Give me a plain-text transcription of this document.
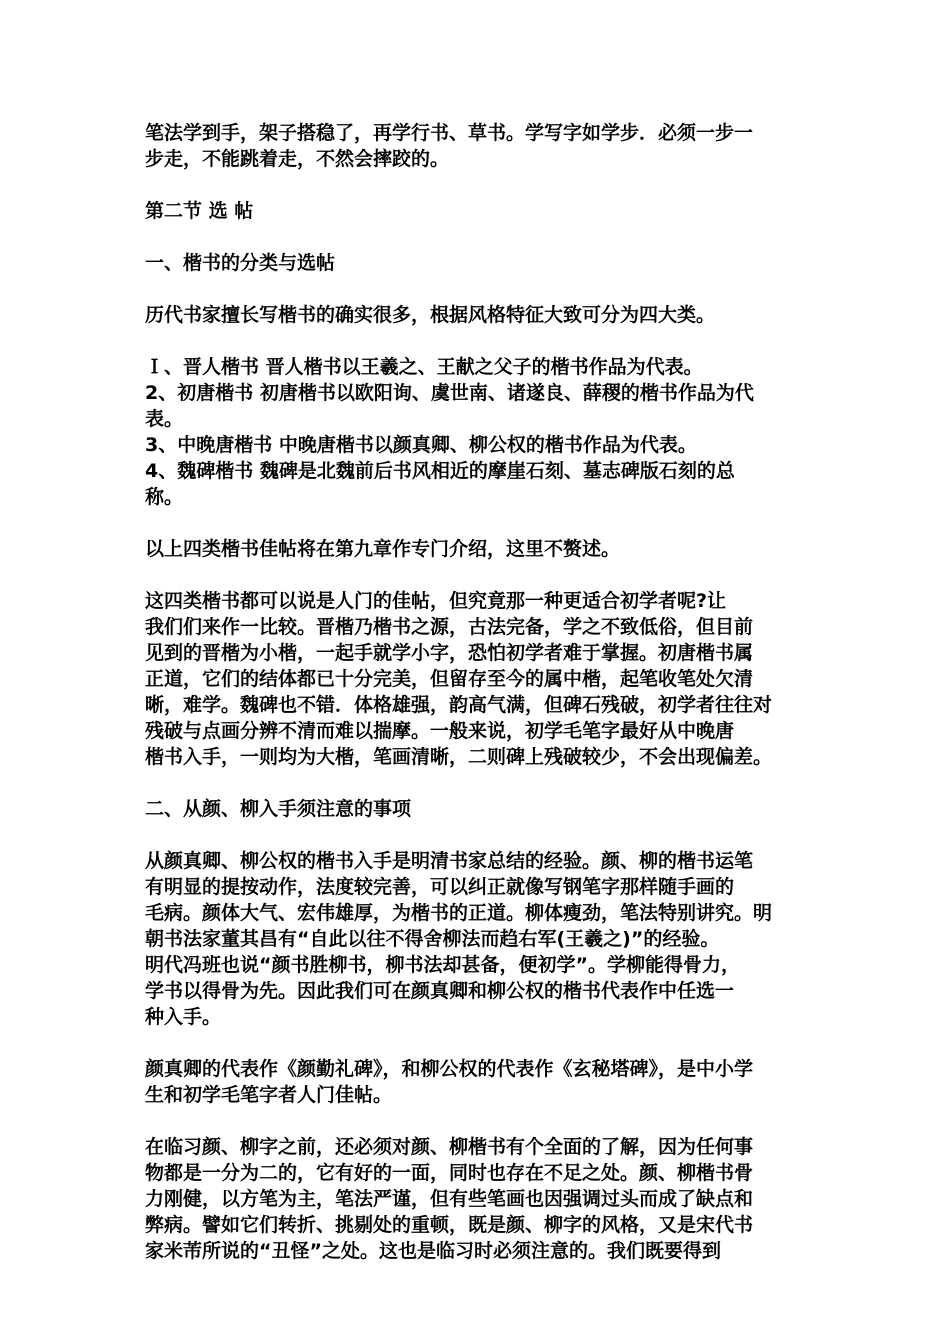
笔法学到手，架子搭稳了，再学行书、草书。学写字如学步．必须一步一
步走，不能跳着走，不然会摔跤的。
第二节 选 帖
一、楷书的分类与选帖
历代书家擅长写楷书的确实很多，根据风格特征大致可分为四大类。
Ｉ、晋人楷书 晋人楷书以王羲之、王献之父子的楷书作品为代表。
2、初唐楷书 初唐楷书以欧阳询、虞世南、诸遂良、薛稷的楷书作品为代
表。
3、中晚唐楷书 中晚唐楷书以颜真卿、柳公权的楷书作品为代表。
4、魏碑楷书 魏碑是北魏前后书风相近的摩崖石刻、墓志碑版石刻的总
称。
以上四类楷书佳帖将在第九章作专门介绍，这里不赘述。
这四类楷书都可以说是人门的佳帖，但究竟那一种更适合初学者呢?让
我们们来作一比较。晋楷乃楷书之源，古法完备，学之不致低俗，但目前
见到的晋楷为小楷，一起手就学小字，恐怕初学者难于掌握。初唐楷书属
正道，它们的结体都已十分完美，但留存至今的属中楷，起笔收笔处欠清
晰，难学。魏碑也不错．体格雄强，韵高气满，但碑石残破，初学者往往对
残破与点画分辨不清而难以揣摩。一般来说，初学毛笔字最好从中晚唐
楷书入手，一则均为大楷，笔画清晰，二则碑上残破较少，不会出现偏差。
二、从颜、柳入手须注意的事项
从颜真卿、柳公权的楷书入手是明清书家总结的经验。颜、柳的楷书运笔
有明显的提按动作，法度较完善，可以纠正就像写钢笔字那样随手画的
毛病。颜体大气、宏伟雄厚，为楷书的正道。柳体瘦劲，笔法特别讲究。明
朝书法家董其昌有“自此以往不得舍柳法而趋右军(王羲之)”的经验。
明代冯班也说“颜书胜柳书，柳书法却甚备，便初学”。学柳能得骨力，
学书以得骨为先。因此我们可在颜真卿和柳公权的楷书代表作中任选一
种入手。
颜真卿的代表作《颜勤礼碑》，和柳公权的代表作《玄秘塔碑》，是中小学
生和初学毛笔字者人门佳帖。
在临习颜、柳字之前，还必须对颜、柳楷书有个全面的了解，因为任何事
物都是一分为二的，它有好的一面，同时也存在不足之处。颜、柳楷书骨
力刚健，以方笔为主，笔法严谨，但有些笔画也因强调过头而成了缺点和
弊病。譬如它们转折、挑剔处的重顿，既是颜、柳字的风格，又是宋代书
家米芾所说的“丑怪”之处。这也是临习时必须注意的。我们既要得到
